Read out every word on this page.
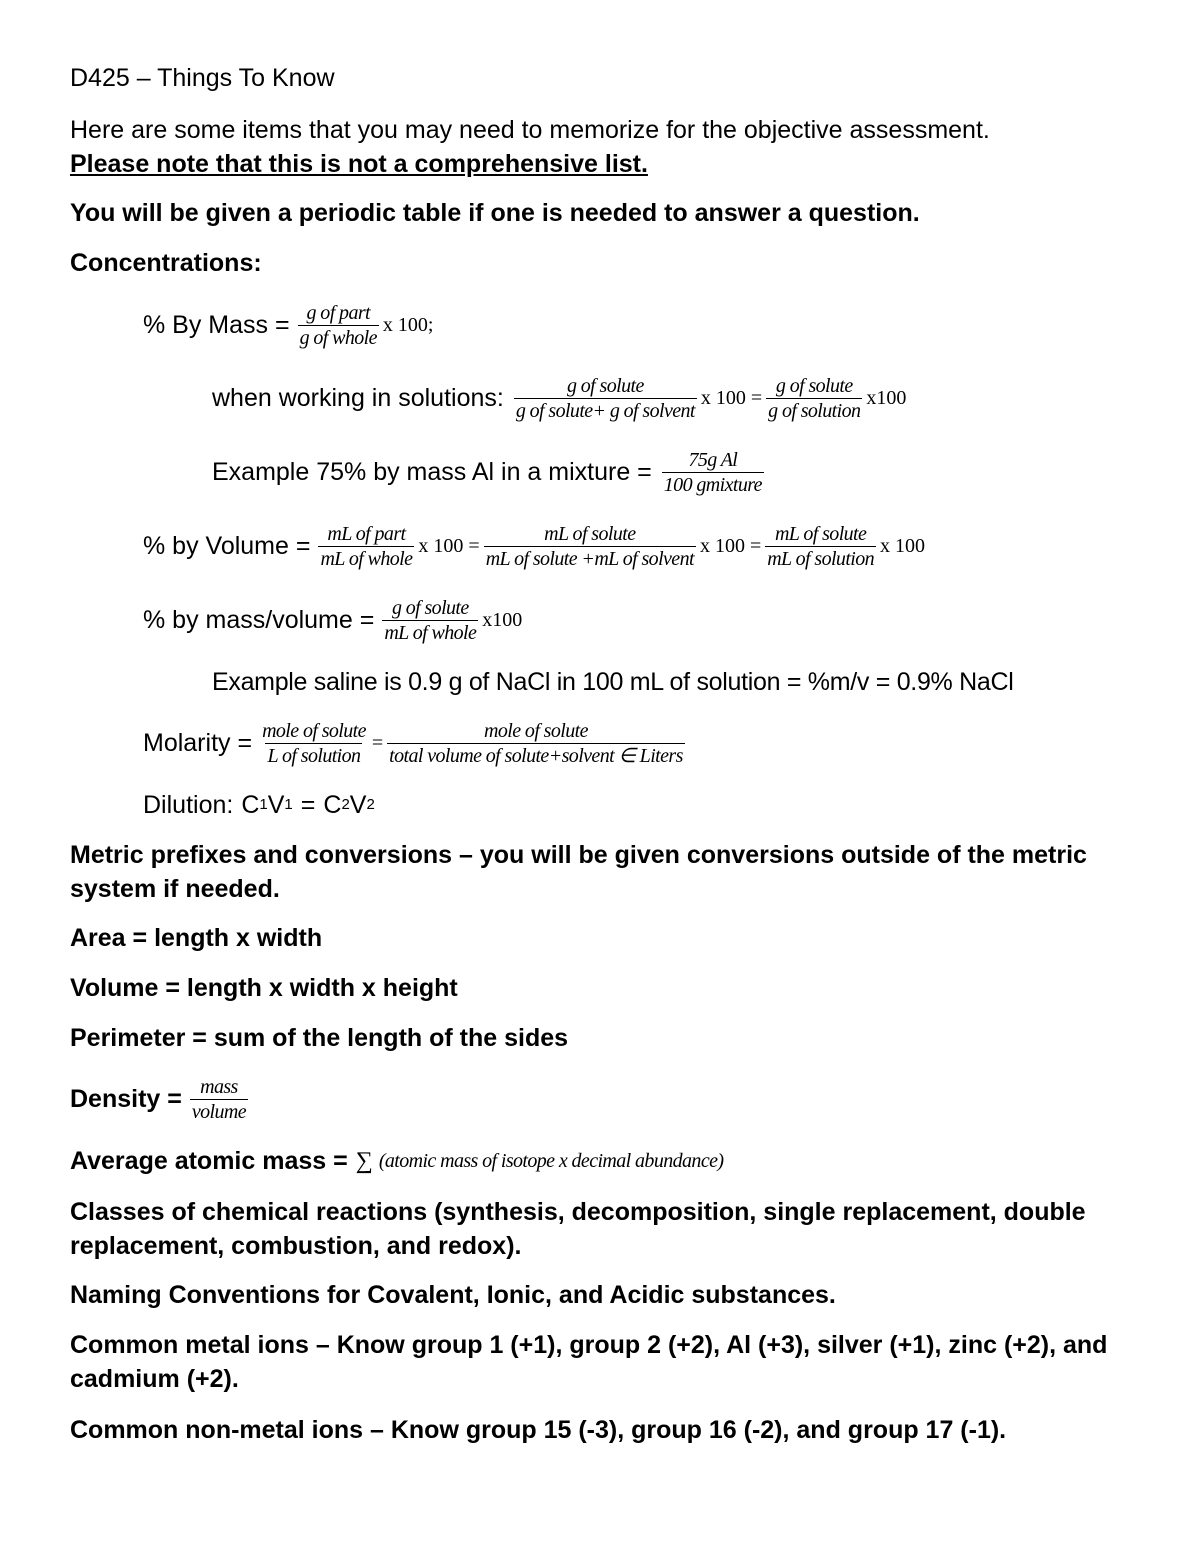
D425 – Things To Know
Here are some items that you may need to memorize for the objective assessment.
Please note that this is not a comprehensive list.
You will be given a periodic table if one is needed to answer a question.
Concentrations:
% By Mass = $\frac{\text{g of part}}{\text{g of whole}}$ x 100;
when working in solutions: $\frac{\text{g of solute}}{\text{g of solute+ g of solvent}}$ x $100 = \frac{\text{g of solute}}{\text{g of solution}} x100$
Example 75% by mass Al in a mixture = $\frac{\text{75g Al}}{\text{100 gmixture}}$
% by Volume = $\frac{\text{mL of part}}{\text{mL of whole}}$ x $100 = \frac{\text{mL of solute}}{\text{mL of solute +mL of solvent}}$ x $100 = \frac{\text{mL of solute}}{\text{mL of solution}}$ x 100
% by mass/volume = $\frac{\text{g of solute}}{\text{mL of whole}} x100$
Example saline is 0.9 g of NaCl in 100 mL of solution = %m/v = 0.9% NaCl
Molarity = $\frac{\text{mole of solute}}{\text{L of solution}} = \frac{\text{mole of solute}}{\text{total volume of solute+solvent ∈ Liters}}$
Dilution: C 1 V 1 = C 2 V 2
Metric prefixes and conversions – you will be given conversions outside of the metric system if needed.
Area = length x width
Volume = length x width x height
Perimeter = sum of the length of the sides
Density = $\frac{\text{mass}}{\text{volume}}$
Average atomic mass = ∑ (atomic mass of isotope x decimal abundance)
Classes of chemical reactions (synthesis, decomposition, single replacement, double replacement, combustion, and redox).
Naming Conventions for Covalent, Ionic, and Acidic substances.
Common metal ions – Know group 1 (+1), group 2 (+2), Al (+3), silver (+1), zinc (+2), and cadmium (+2).
Common non-metal ions – Know group 15 (-3), group 16 (-2), and group 17 (-1).
